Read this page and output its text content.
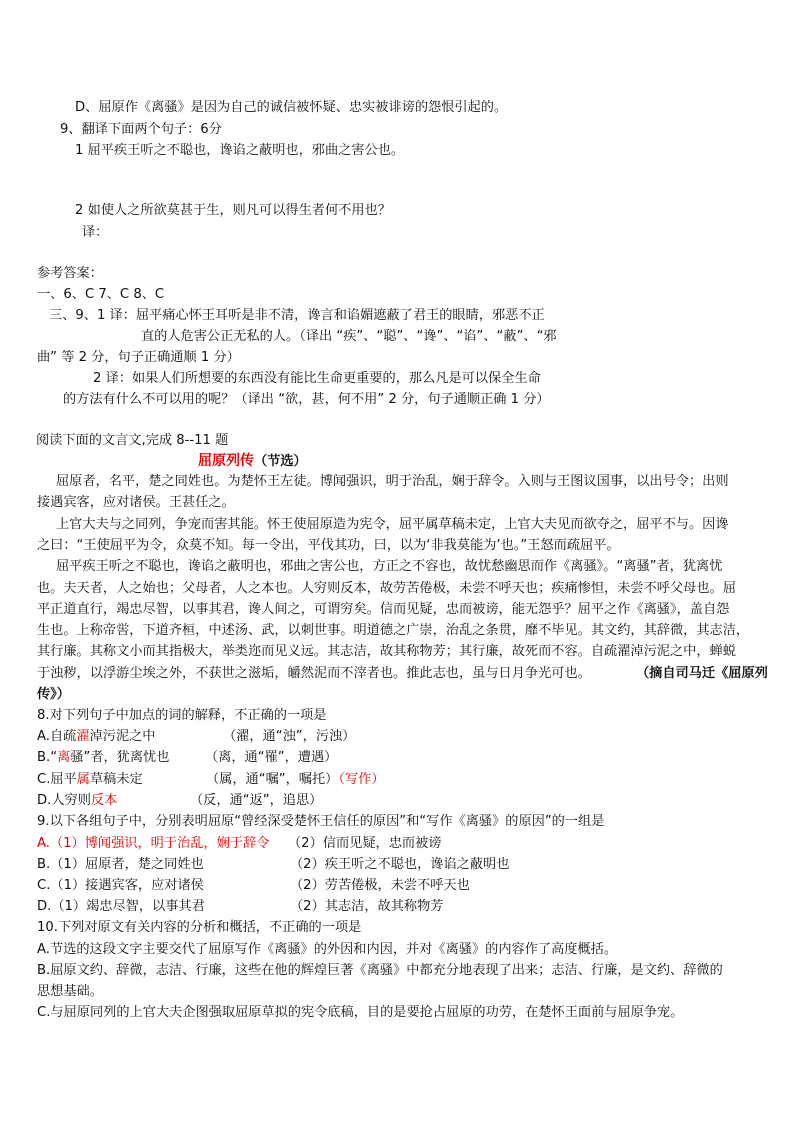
D、屈原作《离骚》是因为自己的诚信被怀疑、忠实被诽谤的怨恨引起的。
9、翻译下面两个句子：6分
1 屈平疾王听之不聪也，谗谄之蔽明也，邪曲之害公也。
2 如使人之所欲莫甚于生，则凡可以得生者何不用也？
译：
参考答案：
一、6、C 7、C 8、C
三、9、1 译：屈平痛心怀王耳听是非不清，谗言和谄媚遮蔽了君王的眼睛，邪恶不正
直的人危害公正无私的人。（译出 “疾”、“聪”、“谗”、“谄”、“蔽”、“邪
曲” 等 2 分，句子正确通顺 1 分）
2 译：如果人们所想要的东西没有能比生命更重要的，那么凡是可以保全生命
的方法有什么不可以用的呢？（译出 “欲，甚，何不用” 2 分，句子通顺正确 1 分）
阅读下面的文言文,完成 8--11 题
屈原列传（节选）
屈原者，名平，楚之同姓也。为楚怀王左徒。博闻强识，明于治乱，娴于辞令。入则与王图议国事，以出号令；出则
接遇宾客，应对诸侯。王甚任之。
上官大夫与之同列，争宠而害其能。怀王使屈原造为宪令，屈平属草稿未定，上官大夫见而欲夺之，屈平不与。因谗
之曰：“王使屈平为令，众莫不知。每一令出，平伐其功，曰，以为‘非我莫能为’也。”王怒而疏屈平。
屈平疾王听之不聪也，谗谄之蔽明也，邪曲之害公也，方正之不容也，故忧愁幽思而作《离骚》。“离骚”者，犹离忧
也。夫天者，人之始也；父母者，人之本也。人穷则反本，故劳苦倦极，未尝不呼天也；疾痛惨怛，未尝不呼父母也。屈
平正道直行，竭忠尽智，以事其君，谗人间之，可谓穷矣。信而见疑，忠而被谤，能无怨乎？屈平之作《离骚》，盖自怨
生也。上称帝喾，下道齐桓，中述汤、武，以刺世事。明道德之广崇，治乱之条贯，靡不毕见。其文约，其辞微，其志洁，
其行廉。其称文小而其指极大，举类迩而见义远。其志洁，故其称物芳；其行廉，故死而不容。自疏濯淖污泥之中，蝉蜕
于浊秽，以浮游尘埃之外，不获世之滋垢，皭然泥而不滓者也。推此志也，虽与日月争光可也。	（摘自司马迁《屈原列
传》）
8.对下列句子中加点的词的解释，不正确的一项是
A.自疏濯淖污泥之中	（濯，通“浊”，污浊）
B.“离骚”者，犹离忧也	（离，通“罹”，遭遇）
C.屈平属草稿未定	（属，通“嘱”，嘱托）（写作）
D.人穷则反本	（反，通“返”，追思）
9.以下各组句子中，分别表明屈原“曾经深受楚怀王信任的原因”和“写作《离骚》的原因”的一组是
A.（1）博闻强识，明于治乱，娴于辞令 （2）信而见疑，忠而被谤
B.（1）屈原者，楚之同姓也	（2）疾王听之不聪也，谗谄之蔽明也
C.（1）接遇宾客，应对诸侯	（2）劳苦倦极，未尝不呼天也
D.（1）竭忠尽智，以事其君	（2）其志洁，故其称物芳
10.下列对原文有关内容的分析和概括，不正确的一项是
A.节选的这段文字主要交代了屈原写作《离骚》的外因和内因，并对《离骚》的内容作了高度概括。
B.屈原文约、辞微，志洁、行廉，这些在他的辉煌巨著《离骚》中都充分地表现了出来；志洁、行廉，是文约、辞微的
思想基础。
C.与屈原同列的上官大夫企图强取屈原草拟的宪令底稿，目的是要抢占屈原的功劳，在楚怀王面前与屈原争宠。
